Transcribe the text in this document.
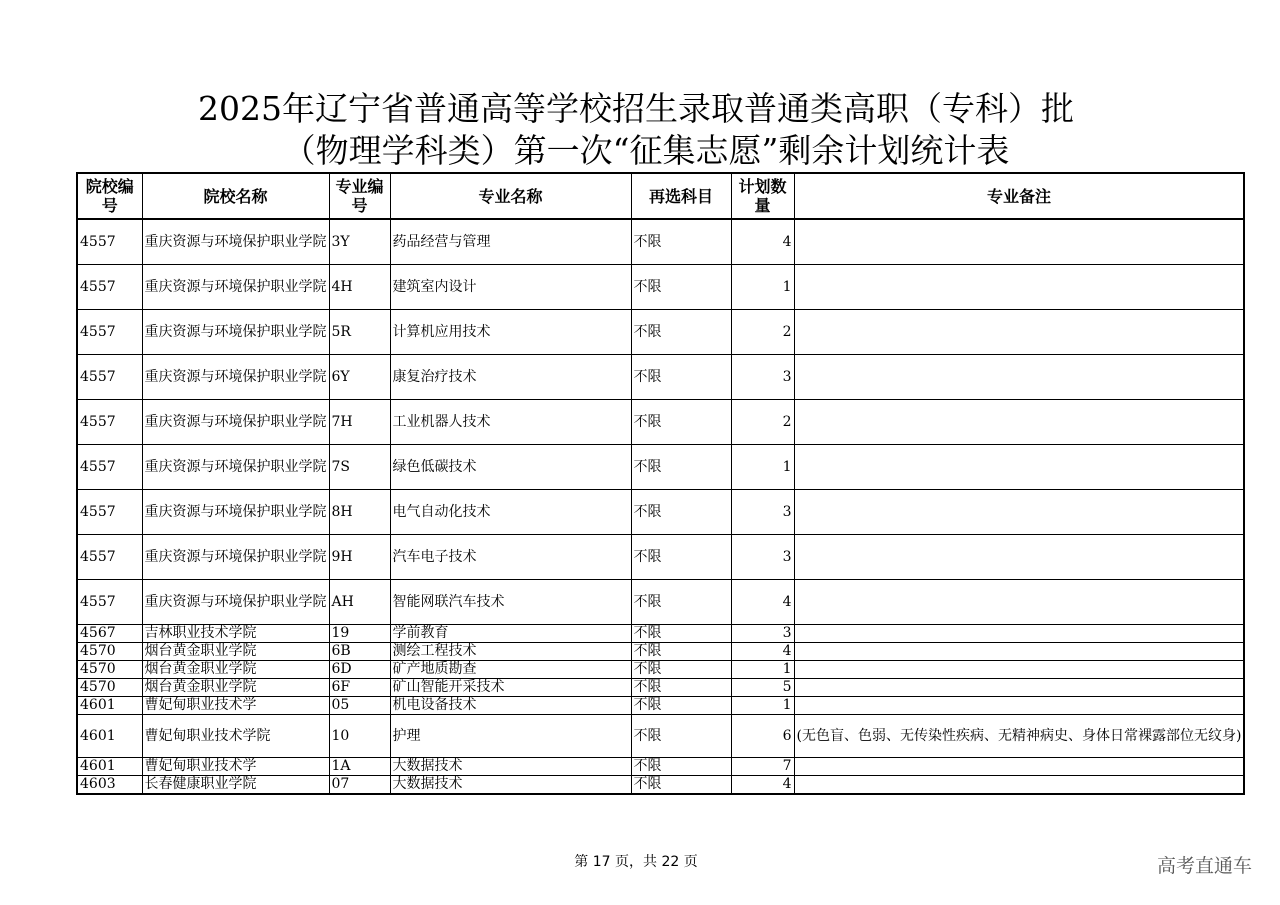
2025年辽宁省普通高等学校招生录取普通类高职（专科）批
（物理学科类）第一次“征集志愿”剩余计划统计表
院校编号	院校名称	专业编号	专业名称	再选科目	计划数量	专业备注
4557	重庆资源与环境保护职业学院	3Y	药品经营与管理	不限	4	
4557	重庆资源与环境保护职业学院	4H	建筑室内设计	不限	1	
4557	重庆资源与环境保护职业学院	5R	计算机应用技术	不限	2	
4557	重庆资源与环境保护职业学院	6Y	康复治疗技术	不限	3	
4557	重庆资源与环境保护职业学院	7H	工业机器人技术	不限	2	
4557	重庆资源与环境保护职业学院	7S	绿色低碳技术	不限	1	
4557	重庆资源与环境保护职业学院	8H	电气自动化技术	不限	3	
4557	重庆资源与环境保护职业学院	9H	汽车电子技术	不限	3	
4557	重庆资源与环境保护职业学院	AH	智能网联汽车技术	不限	4	
4567	吉林职业技术学院	19	学前教育	不限	3	
4570	烟台黄金职业学院	6B	测绘工程技术	不限	4	
4570	烟台黄金职业学院	6D	矿产地质勘查	不限	1	
4570	烟台黄金职业学院	6F	矿山智能开采技术	不限	5	
4601	曹妃甸职业技术学	05	机电设备技术	不限	1	
4601	曹妃甸职业技术学院	10	护理	不限	6	(无色盲、色弱、无传染性疾病、无精神病史、身体日常裸露部位无纹身)
4601	曹妃甸职业技术学	1A	大数据技术	不限	7	
4603	长春健康职业学院	07	大数据技术	不限	4	
第 17 页，共 22 页	高考直通车
